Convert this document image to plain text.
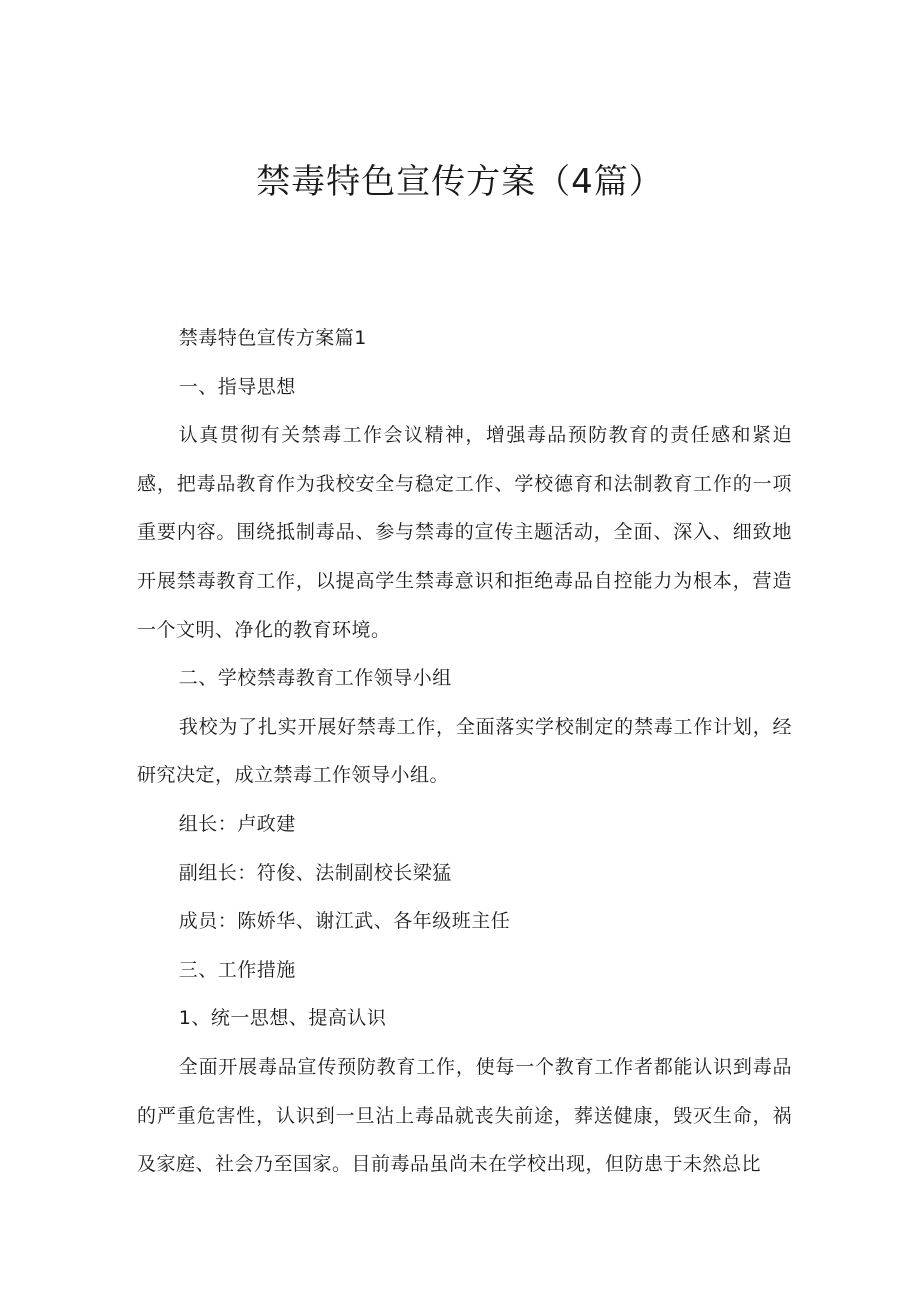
禁毒特色宣传方案（4篇）

禁毒特色宣传方案篇1

一、指导思想

认真贯彻有关禁毒工作会议精神，增强毒品预防教育的责任感和紧迫感，把毒品教育作为我校安全与稳定工作、学校德育和法制教育工作的一项重要内容。围绕抵制毒品、参与禁毒的宣传主题活动，全面、深入、细致地开展禁毒教育工作，以提高学生禁毒意识和拒绝毒品自控能力为根本，营造一个文明、净化的教育环境。

二、学校禁毒教育工作领导小组

我校为了扎实开展好禁毒工作，全面落实学校制定的禁毒工作计划，经研究决定，成立禁毒工作领导小组。

组长：卢政建

副组长：符俊、法制副校长梁猛

成员：陈娇华、谢江武、各年级班主任

三、工作措施

1、统一思想、提高认识

全面开展毒品宣传预防教育工作，使每一个教育工作者都能认识到毒品的严重危害性，认识到一旦沾上毒品就丧失前途，葬送健康，毁灭生命，祸及家庭、社会乃至国家。目前毒品虽尚未在学校出现，但防患于未然总比
